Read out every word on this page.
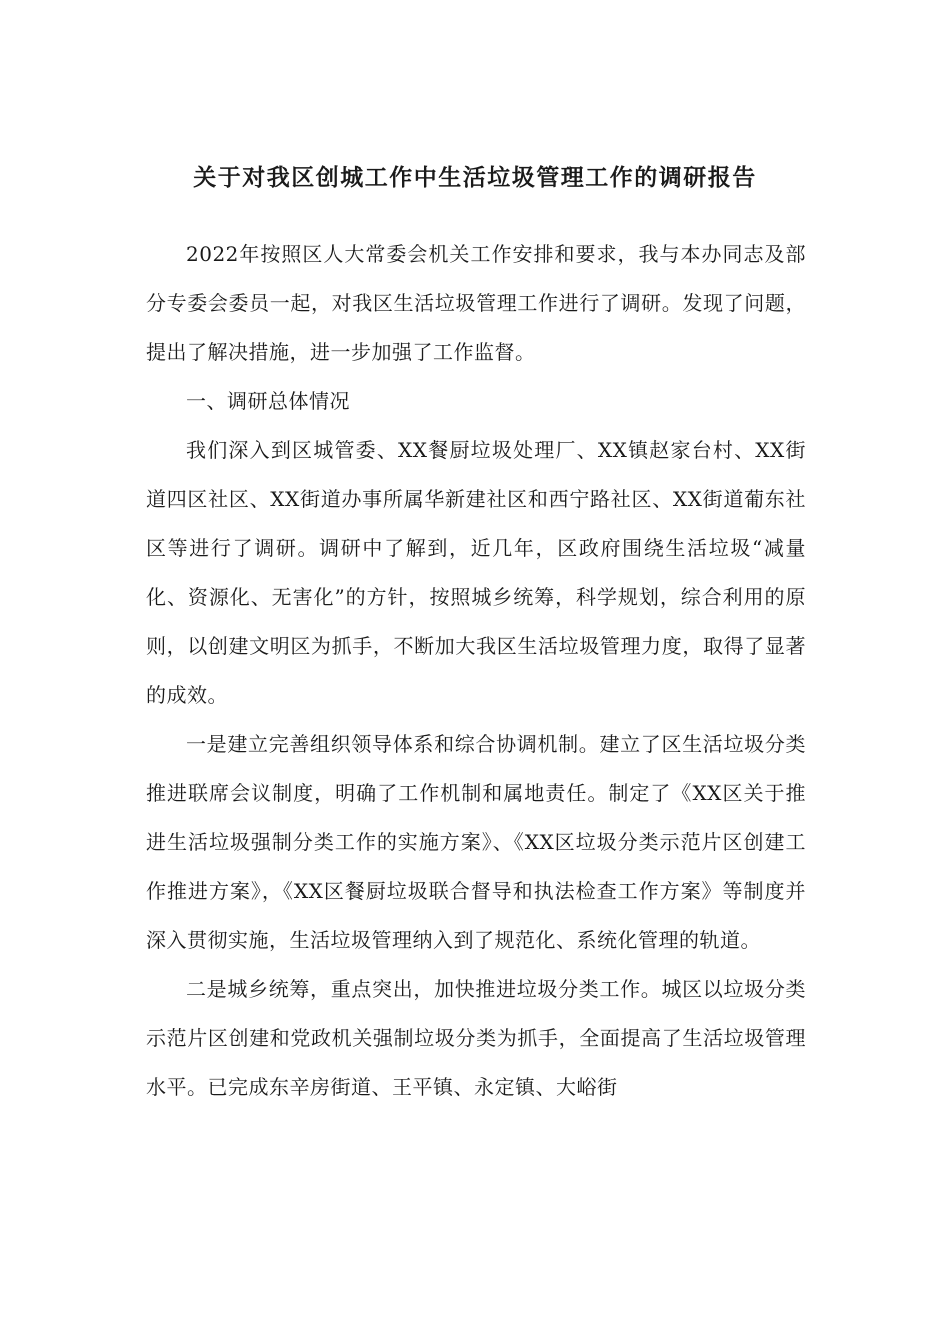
关于对我区创城工作中生活垃圾管理工作的调研报告

2022年按照区人大常委会机关工作安排和要求，我与本办同志及部分专委会委员一起，对我区生活垃圾管理工作进行了调研。发现了问题，提出了解决措施，进一步加强了工作监督。

一、调研总体情况

我们深入到区城管委、XX餐厨垃圾处理厂、XX镇赵家台村、XX街道四区社区、XX街道办事所属华新建社区和西宁路社区、XX街道葡东社区等进行了调研。调研中了解到，近几年，区政府围绕生活垃圾“减量化、资源化、无害化”的方针，按照城乡统筹，科学规划，综合利用的原则，以创建文明区为抓手，不断加大我区生活垃圾管理力度，取得了显著的成效。

一是建立完善组织领导体系和综合协调机制。建立了区生活垃圾分类推进联席会议制度，明确了工作机制和属地责任。制定了《XX区关于推进生活垃圾强制分类工作的实施方案》、《XX区垃圾分类示范片区创建工作推进方案》，《XX区餐厨垃圾联合督导和执法检查工作方案》等制度并深入贯彻实施，生活垃圾管理纳入到了规范化、系统化管理的轨道。

二是城乡统筹，重点突出，加快推进垃圾分类工作。城区以垃圾分类示范片区创建和党政机关强制垃圾分类为抓手，全面提高了生活垃圾管理水平。已完成东辛房街道、王平镇、永定镇、大峪街
